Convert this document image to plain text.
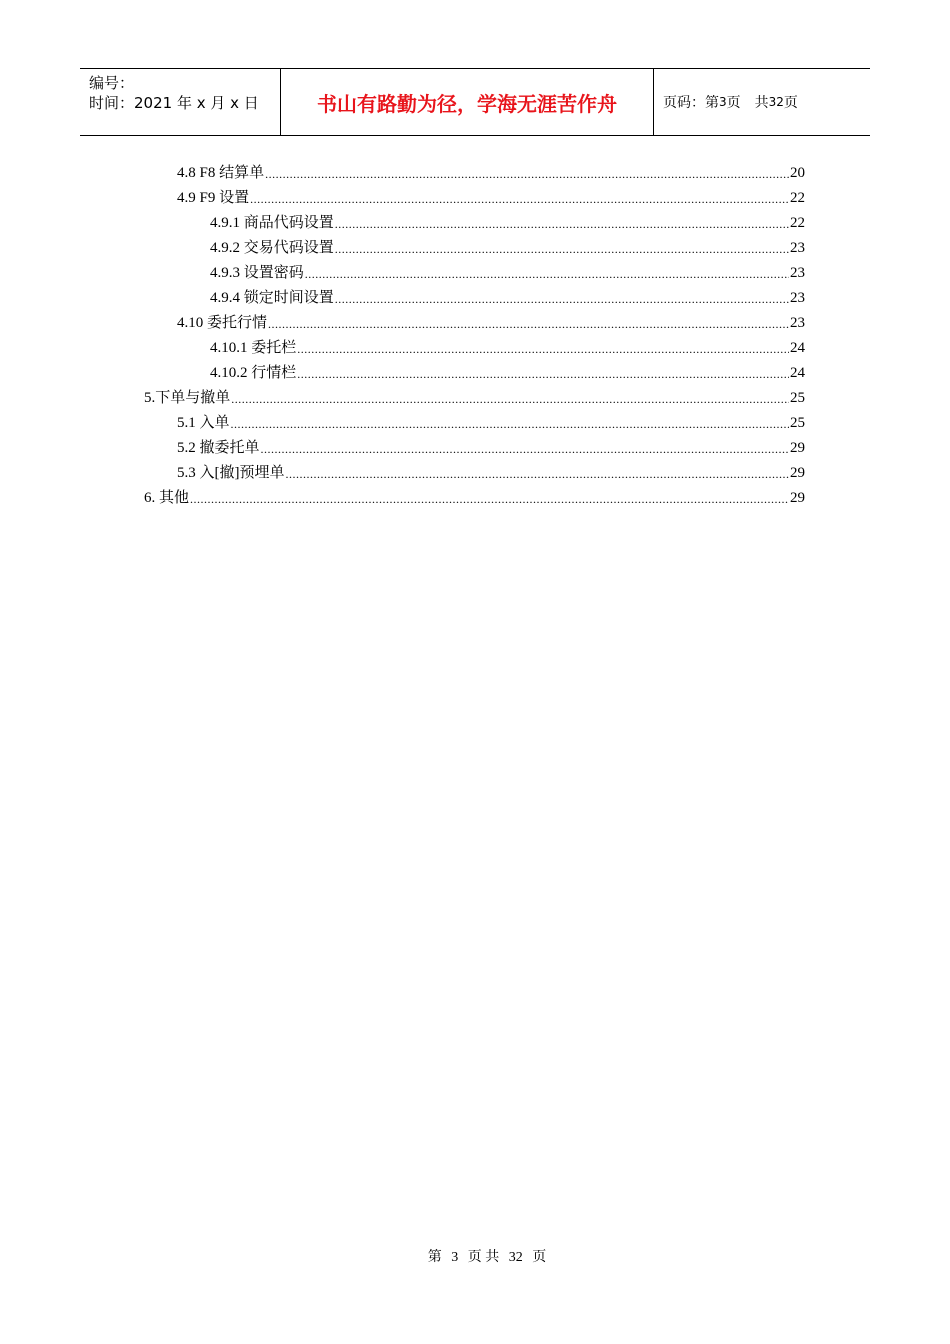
编号：
时间：2021 年 x 月 x 日	书山有路勤为径，学海无涯苦作舟	页码：第 3 页　共 32 页
4.8 F8 结算单 .....	20
4.9 F9 设置 .....	22
4.9.1 商品代码设置 .....	22
4.9.2 交易代码设置 .....	23
4.9.3 设置密码 .....	23
4.9.4 锁定时间设置 .....	23
4.10 委托行情 .....	23
4.10.1 委托栏 .....	24
4.10.2 行情栏 .....	24
5.下单与撤单 .....	25
5.1 入单 .....	25
5.2 撤委托单 .....	29
5.3 入[撤]预埋单 .....	29
6. 其他 .....	29
第 3 页 共 32 页
